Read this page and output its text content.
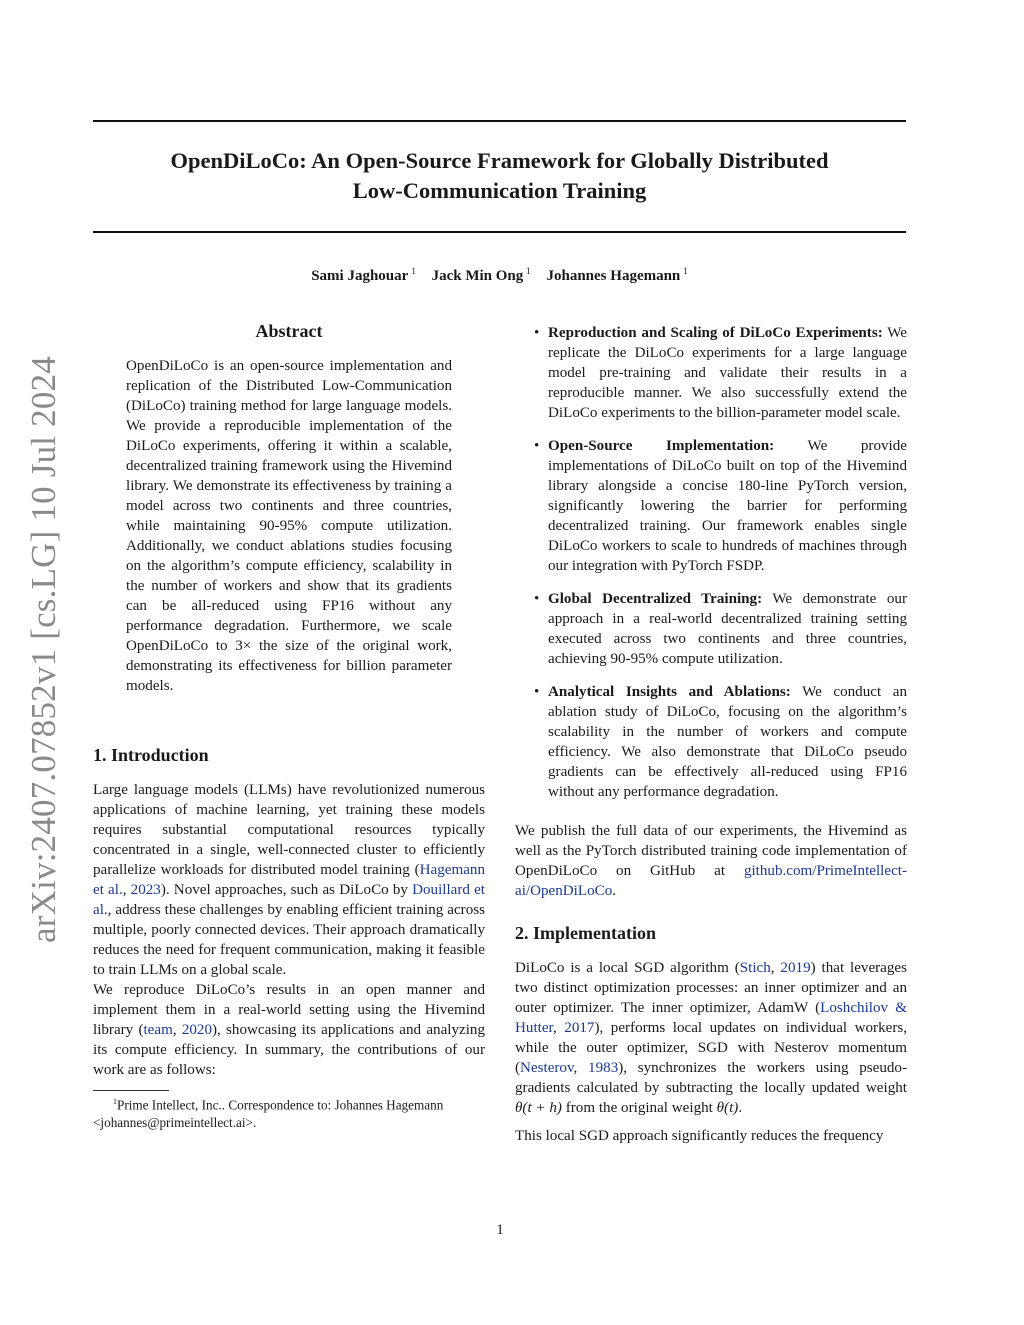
OpenDiLoCo: An Open-Source Framework for Globally Distributed
Low-Communication Training
Sami Jaghouar $^1$ Jack Min Ong $^1$ Johannes Hagemann $^1$
arXiv:2407.07852v1 [cs.LG] 10 Jul 2024
Abstract

OpenDiLoCo is an open-source implementation and replication of the Distributed Low-Communication (DiLoCo) training method for large language models. We provide a reproducible implementation of the DiLoCo experiments, offering it within a scalable, decentralized training framework using the Hivemind library. We demonstrate its effectiveness by training a model across two continents and three countries, while maintaining 90-95% compute utilization. Additionally, we conduct ablations studies focusing on the algorithm’s compute efficiency, scalability in the number of workers and show that its gradients can be all-reduced using FP16 without any performance degradation. Furthermore, we scale OpenDiLoCo to 3× the size of the original work, demonstrating its effectiveness for billion parameter models.

1. Introduction

Large language models (LLMs) have revolutionized numerous applications of machine learning, yet training these models requires substantial computational resources typically concentrated in a single, well-connected cluster to efficiently parallelize workloads for distributed model training (Hagemann et al., 2023). Novel approaches, such as DiLoCo by Douillard et al., address these challenges by enabling efficient training across multiple, poorly connected devices. Their approach dramatically reduces the need for frequent communication, making it feasible to train LLMs on a global scale.

We reproduce DiLoCo’s results in an open manner and implement them in a real-world setting using the Hivemind library (team, 2020), showcasing its applications and analyzing its compute efficiency. In summary, the contributions of our work are as follows:

$^1$Prime Intellect, Inc.. Correspondence to: Johannes Hagemann <johannes@primeintellect.ai>.

• Reproduction and Scaling of DiLoCo Experiments: We replicate the DiLoCo experiments for a large language model pre-training and validate their results in a reproducible manner. We also successfully extend the DiLoCo experiments to the billion-parameter model scale.
• Open-Source Implementation: We provide implementations of DiLoCo built on top of the Hivemind library alongside a concise 180-line PyTorch version, significantly lowering the barrier for performing decentralized training. Our framework enables single DiLoCo workers to scale to hundreds of machines through our integration with PyTorch FSDP.
• Global Decentralized Training: We demonstrate our approach in a real-world decentralized training setting executed across two continents and three countries, achieving 90-95% compute utilization.
• Analytical Insights and Ablations: We conduct an ablation study of DiLoCo, focusing on the algorithm’s scalability in the number of workers and compute efficiency. We also demonstrate that DiLoCo pseudo gradients can be effectively all-reduced using FP16 without any performance degradation.

We publish the full data of our experiments, the Hivemind as well as the PyTorch distributed training code implementation of OpenDiLoCo on GitHub at github.com/PrimeIntellect-ai/OpenDiLoCo.

2. Implementation

DiLoCo is a local SGD algorithm (Stich, 2019) that leverages two distinct optimization processes: an inner optimizer and an outer optimizer. The inner optimizer, AdamW (Loshchilov & Hutter, 2017), performs local updates on individual workers, while the outer optimizer, SGD with Nesterov momentum (Nesterov, 1983), synchronizes the workers using pseudo-gradients calculated by subtracting the locally updated weight θ(t + h) from the original weight θ(t).

This local SGD approach significantly reduces the frequency

1
